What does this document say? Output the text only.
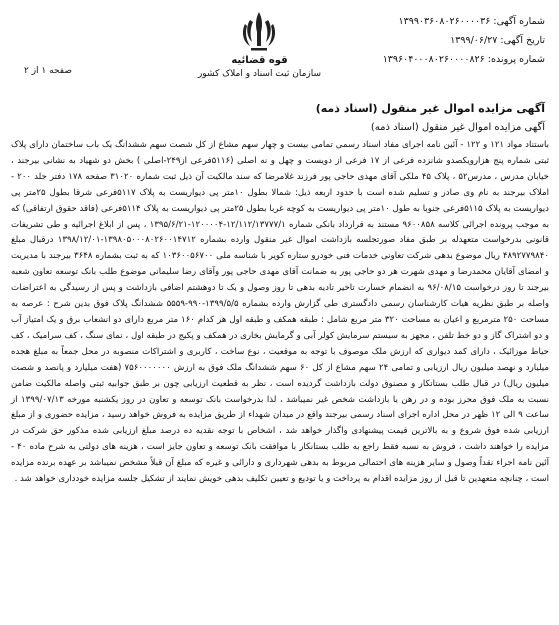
شماره آگهی: ۱۳۹۹۰۳۶۰۸۰۲۶۰۰۰۰۳۶
تاریخ آگهی: ۱۳۹۹/۰۶/۲۷
شماره پرونده: ۱۳۹۶۰۴۰۰۰۸۰۲۶۰۰۰۰۸۲۶
قوه قضائیه
سازمان ثبت اسناد و املاک کشور
صفحه ۱ از ۲
آگهی مزایده اموال غیر منقول (اسناد ذمه)
آگهی مزایده اموال غیر منقول (اسناد ذمه)
باستناد مواد ۱۲۱ و ۱۲۲ - آئین نامه اجرای مفاد اسناد رسمی تمامی بیست و چهار سهم مشاع از کل شصت سهم ششدانگ یک باب ساختمان دارای پلاک ثبتی شماره پنج هزارویکصدو شانزده فرعی از ۱۷ فرعی از دویست و چهل و نه اصلی (۵۱۱۶فرعی از۲۴۹-اصلی ) بخش دو شهیاد به نشانی بیرجند ، خیابان مدرس ، مدرس۵۲ ، پلاک ۴۵ ملکی آقای مهدی حاجی پور فرزند غلامرضا که سند مالکیت آن ذیل ثبت شماره ۳۱۰۲۰ صفحه ۱۷۸ دفتر جلد ۲۰۰ - املاک بیرجند به نام وی صادر و تسلیم شده است با حدود اربعه ذیل: شمالا بطول ۱۰متر پی دیواریست به پلاک ۵۱۱۷فرعی شرقا بطول ۲۵متر پی دیواریست به پلاک ۵۱۱۵فرعی جنوبا به طول ۱۰متر پی دیواریست به کوچه غربا بطول ۲۵متر پی دیواریست به پلاک ۵۱۱۴فرعی (فاقد حقوق ارتفاقی) که به موجب پرونده اجرائی کلاسه ۹۶۰۰۸۵۸ مستند به قرارداد بانکی شماره ۱۲/۱۱۲/۱۳۷۷۷/۱-۱۲۰۰۰۰۴-۱۳۹۵/۶/۲۱ ، پس از ابلاغ اجرائیه و طی تشریفات قانونی بدرخواست متعهدله بر طبق مفاد صورتجلسه بازداشت اموال غیر منقول وارده بشماره ۱۳۹۸۰۵۰۰۰۸۰۲۶۰۰۱۴۷۱۲-۱۳۹۸/۱۲/۰۱ درقبال مبلغ ۴۸۹۲۷۷۹۸۴۰ ریال موضوع بدهی شرکت تعاونی خدمات فنی خودرو ستاره کویر با شناسه ملی ۱۰۳۶۰۰۵۶۷۰۰ که به ثبت بشماره ۳۶۴۸ بیرجند با مدیریت و امضای آقایان محمدرضا و مهدی شهرت هر دو حاجی پور به ضمانت آقای مهدی حاجی پور وآقای رضا سلیمانی موضوع طلب بانک توسعه تعاون شعبه بیرجند تا روز درخواست ۹۶/۰۸/۱۵ به انضمام خسارت تاخیر تادیه بدهی تا روز وصول و یک تا دوهشتم اضافی بازداشت و پس از رسیدگی به اعتراضات واصله بر طبق نظریه هیات کارشناسان رسمی دادگستری طی گزارش وارده بشماره ۱۳۹۹/۵/۵-۹۹۰-۵۵۵۹ ششدانگ پلاک فوق بدین شرح : عرصه به مساحت ۲۵۰ مترمربع و اعیان به مساحت ۳۲۰ متر مربع شامل : طبقه همکف و طبقه اول هر کدام ۱۶۰ متر مربع دارای دو انشعاب برق و یک امتیاز آب و دو اشتراک گاز و دو خط تلفن ، مجهز به سیستم سرمایش کولر آبی و گرمایش بخاری در همکف و پکیج در طبقه اول ، نمای سنگ ، کف سرامیک ، کف حیاط موزائیک ، دارای کمد دیواری که ارزش ملک موصوف با توجه به موقعیت ، نوع ساخت ، کاربری و اشتراکات منصوبه در محل جمعاً به مبلغ هجده میلیارد و نهصد میلیون ریال ارزیابی و تمامی ۲۴ سهم مشاع از کل ۶۰ سهم ششدانگ ملک فوق به ارزش ۷۵۶۰۰۰۰۰۰۰ (هفت میلیارد و پانصد و شصت میلیون ریال) در قبال طلب بستانکار و مصنوق دولت بازداشت گردیده است ، نظر به قطعیت ارزیابی چون بر طبق جوابیه ثبتی واصله مالکیت ضامن نسبت به ملک فوق محرز بوده و در رهن یا بازداشت شخص غیر نمیباشد ، لذا بدرخواست بانک توسعه و تعاون در روز یکشنبه مورخه ۱۳۹۹/۰۷/۱۳ از ساعت ۹ الی ۱۲ ظهر در محل اداره اجرای اسناد رسمی بیرجند واقع در میدان شهداء از طریق مزایده به فروش خواهد رسید ، مزایده حضوری و از مبلغ ارزیابی شده فوق شروع و به بالاترین قیمت پیشنهادی واگذار خواهد شد ، اشخاص با توجه نقدیه ده درصد مبلغ ارزیابی شده مذکور حق شرکت در مزایده را خواهند داشت ، فروش به نسبه فقط راجع به طلب بستانکار با موافقت بانک توسعه و تعاون جایز است ، هزینه های دولتی به شرح ماده ۴۰ - آئین نامه اجراء نقداً وصول و سایر هزینه های احتمالی مربوط به بدهی شهرداری و دارائی و غیره که مبلغ آن قبلاً مشخص نمیباشد بر عهده برنده مزایده است ، چنانچه متعهدین تا قبل از روز مزایده اقدام به پرداخت و یا تودیع و تعیین تکلیف بدهی خویش نمایند از تشکیل جلسه مزایده خودداری خواهد شد .
